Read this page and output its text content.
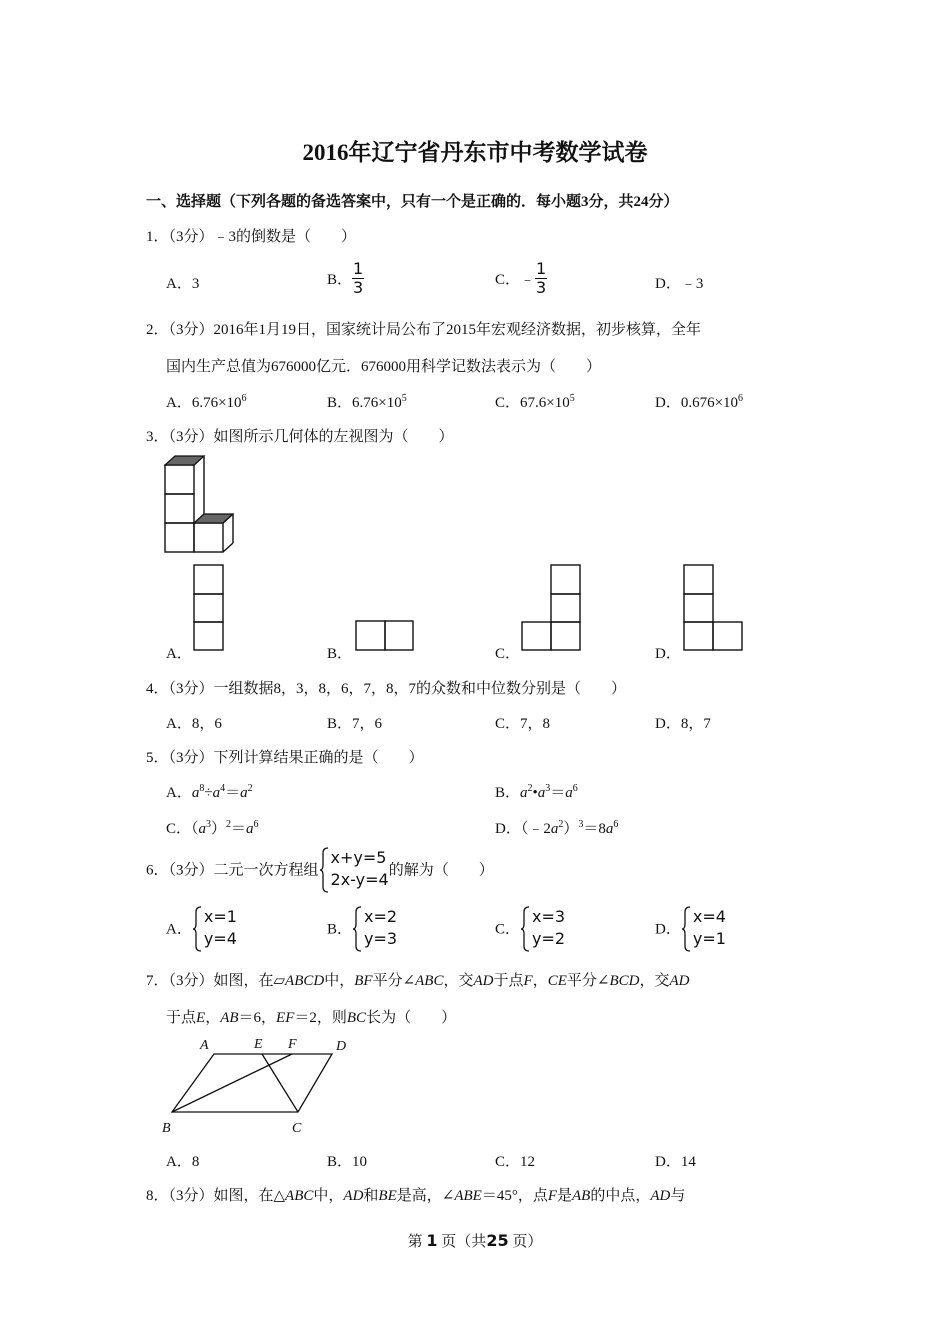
2016年辽宁省丹东市中考数学试卷
一、选择题（下列各题的备选答案中，只有一个是正确的．每小题3分，共24分）
1．（3分）﹣3的倒数是（　　）
A．3	B． $\frac{1}{3}$	C．﹣ $\frac{1}{3}$	D．﹣3
2．（3分）2016年1月19日，国家统计局公布了2015年宏观经济数据，初步核算，全年
国内生产总值为676000亿元．676000用科学记数法表示为（　　）
A．$6.76\times 10^6$	B．$6.76\times 10^5$	C．$67.6\times 10^5$	D．$0.676\times 10^6$
3．（3分）如图所示几何体的左视图为（　　）
A．	B．	C．	D．
4．（3分）一组数据8，3，8，6，7，8，7的众数和中位数分别是（　　）
A．8，6	B．7，6	C．7，8	D．8，7
5．（3分）下列计算结果正确的是（　　）
A．$a^8\div a^4=a^2$	B．$a^2•a^3=a^6$
C．$(a^3)^2=a^6$	D．$(﹣2a^2)^3=8a^6$
6．（3分）二元一次方程组
x+y=5
2x-y=4 的解为（　　）
A．
x=1
y=4	B．
x=2
y=3	C．
x=3
y=2	D．
x=4
y=1
7．（3分）如图，在▱ABCD中，BF平分∠ABC，交AD于点F，CE平分∠BCD，交AD
于点E，AB＝6，EF＝2，则BC长为（　　）
A	E F	D
B	C
A．8	B．10	C．12	D．14
8．（3分）如图，在△ABC中，AD和BE是高，∠ABE＝45°，点F是AB的中点，AD与
第 1 页（共25 页）
